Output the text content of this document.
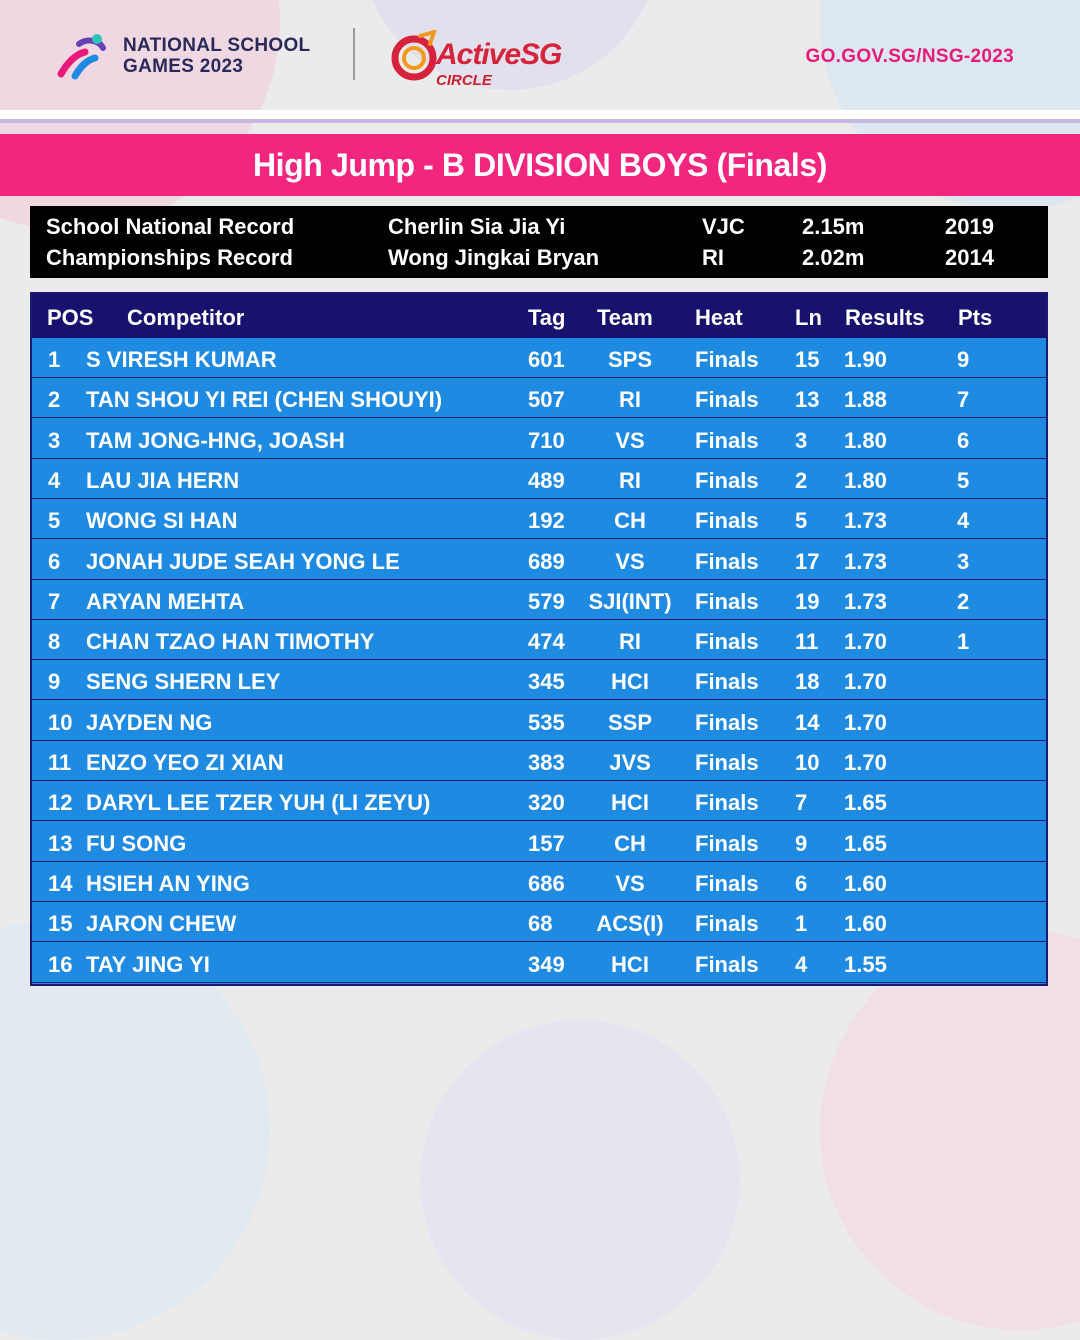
NATIONAL SCHOOL
GAMES 2023	ActiveSG
CIRCLE
GO.GOV.SG/NSG-2023
High Jump - B DIVISION BOYS (Finals)
School National Record	Cherlin Sia Jia Yi	VJC	2.15m	2019
Championships Record	Wong Jingkai Bryan	RI	2.02m	2014
POS Competitor	Tag Team Heat Ln Results Pts
1 S VIRESH KUMAR	601	SPS	Finals 15 1.90	9
2 TAN SHOU YI REI (CHEN SHOUYI)	507	RI	Finals 13 1.88	7
3 TAM JONG-HNG, JOASH	710	VS	Finals 3 1.80	6
4 LAU JIA HERN	489	RI	Finals 2 1.80	5
5 WONG SI HAN	192	CH	Finals 5 1.73	4
6 JONAH JUDE SEAH YONG LE	689	VS	Finals 17 1.73	3
7 ARYAN MEHTA	579 SJI(INT) Finals 19 1.73	2
8 CHAN TZAO HAN TIMOTHY	474	RI	Finals 11 1.70	1
9 SENG SHERN LEY	345	HCI	Finals 18 1.70
10 JAYDEN NG	535	SSP	Finals 14 1.70
11 ENZO YEO ZI XIAN	383	JVS	Finals 10 1.70
12 DARYL LEE TZER YUH (LI ZEYU)	320	HCI	Finals 7 1.65
13 FU SONG	157	CH	Finals 9 1.65
14 HSIEH AN YING	686	VS	Finals 6 1.60
15 JARON CHEW	68	ACS(I)	Finals 1 1.60
16 TAY JING YI	349	HCI	Finals 4 1.55
